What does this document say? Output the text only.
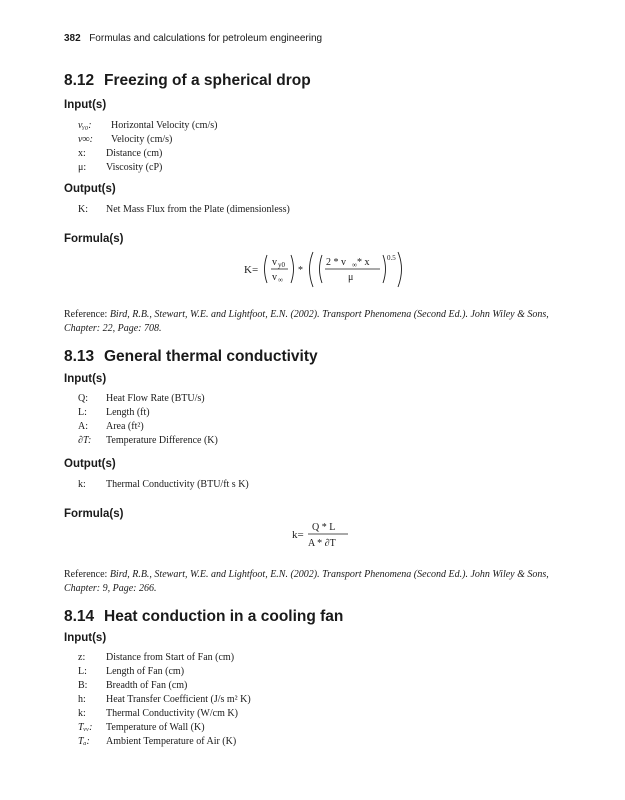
382 Formulas and calculations for petroleum engineering
8.12 Freezing of a spherical drop
Input(s)
vᵧ₀: Horizontal Velocity (cm/s)
v∞: Velocity (cm/s)
x: Distance (cm)
μ: Viscosity (cP)
Output(s)
K: Net Mass Flux from the Plate (dimensionless)
Formula(s)
K=
v y0
v ∞
*
2 * v ∞ * x
μ
0.5
Reference: Bird, R.B., Stewart, W.E. and Lightfoot, E.N. (2002). Transport Phenomena (Second Ed.). John Wiley & Sons, Chapter: 22, Page: 708.
8.13 General thermal conductivity
Input(s)
Q: Heat Flow Rate (BTU/s)
L: Length (ft)
A: Area (ft²)
∂T: Temperature Difference (K)
Output(s)
k: Thermal Conductivity (BTU/ft s K)
Formula(s)
k=
Q * L
A * ∂T
Reference: Bird, R.B., Stewart, W.E. and Lightfoot, E.N. (2002). Transport Phenomena (Second Ed.). John Wiley & Sons, Chapter: 9, Page: 266.
8.14 Heat conduction in a cooling fan
Input(s)
z: Distance from Start of Fan (cm)
L: Length of Fan (cm)
B: Breadth of Fan (cm)
h: Heat Transfer Coefficient (J/s m² K)
k: Thermal Conductivity (W/cm K)
Tᵥᵥ: Temperature of Wall (K)
Tₐ: Ambient Temperature of Air (K)
